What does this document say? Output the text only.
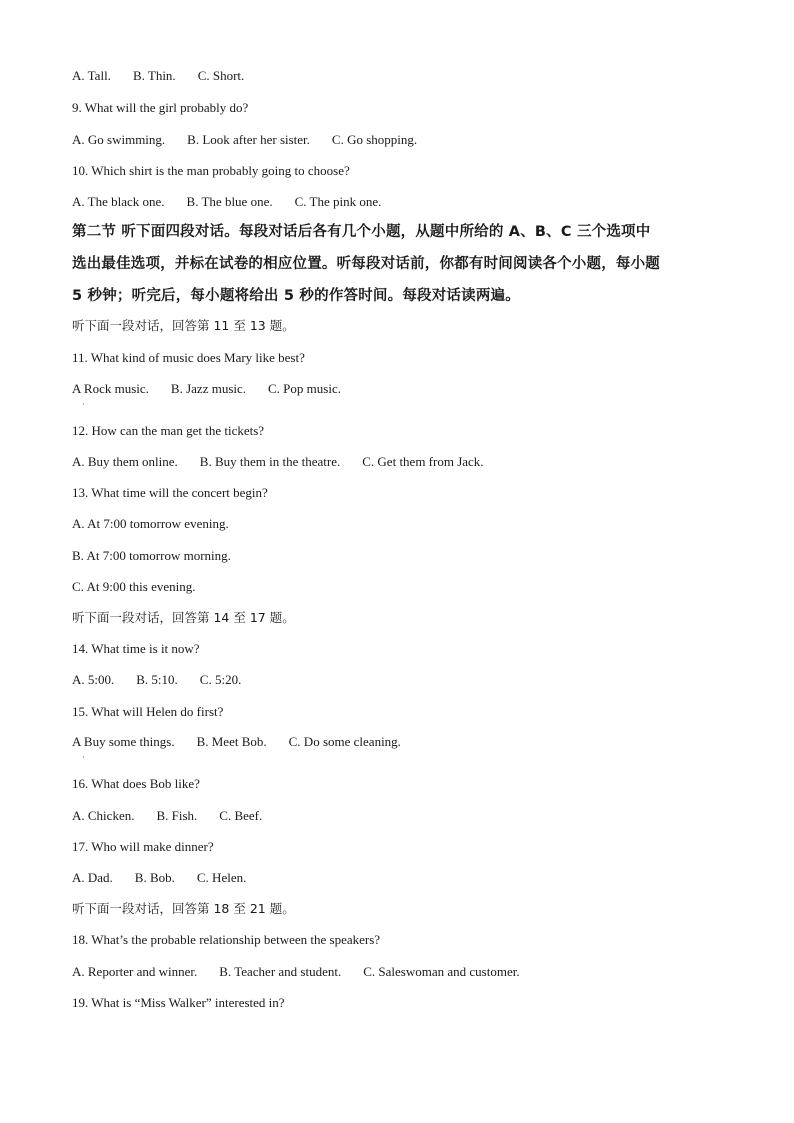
A. Tall. B. Thin. C. Short.
9. What will the girl probably do?
A. Go swimming. B. Look after her sister. C. Go shopping.
10. Which shirt is the man probably going to choose?
A. The black one. B. The blue one. C. The pink one.
第二节 听下面四段对话。每段对话后各有几个小题，从题中所给的 A、B、C 三个选项中
选出最佳选项，并标在试卷的相应位置。听每段对话前，你都有时间阅读各个小题，每小题
5 秒钟；听完后，每小题将给出 5 秒的作答时间。每段对话读两遍。
听下面一段对话，回答第 11 至 13 题。
11. What kind of music does Mary like best?
A Rock music. B. Jazz music. C. Pop music.
·
12. How can the man get the tickets?
A. Buy them online. B. Buy them in the theatre. C. Get them from Jack.
13. What time will the concert begin?
A. At 7:00 tomorrow evening.
B. At 7:00 tomorrow morning.
C. At 9:00 this evening.
听下面一段对话，回答第 14 至 17 题。
14. What time is it now?
A. 5:00. B. 5:10. C. 5:20.
15. What will Helen do first?
A Buy some things. B. Meet Bob. C. Do some cleaning.
·
16. What does Bob like?
A. Chicken. B. Fish. C. Beef.
17. Who will make dinner?
A. Dad. B. Bob. C. Helen.
听下面一段对话，回答第 18 至 21 题。
18. What’s the probable relationship between the speakers?
A. Reporter and winner. B. Teacher and student. C. Saleswoman and customer.
19. What is “Miss Walker” interested in?
